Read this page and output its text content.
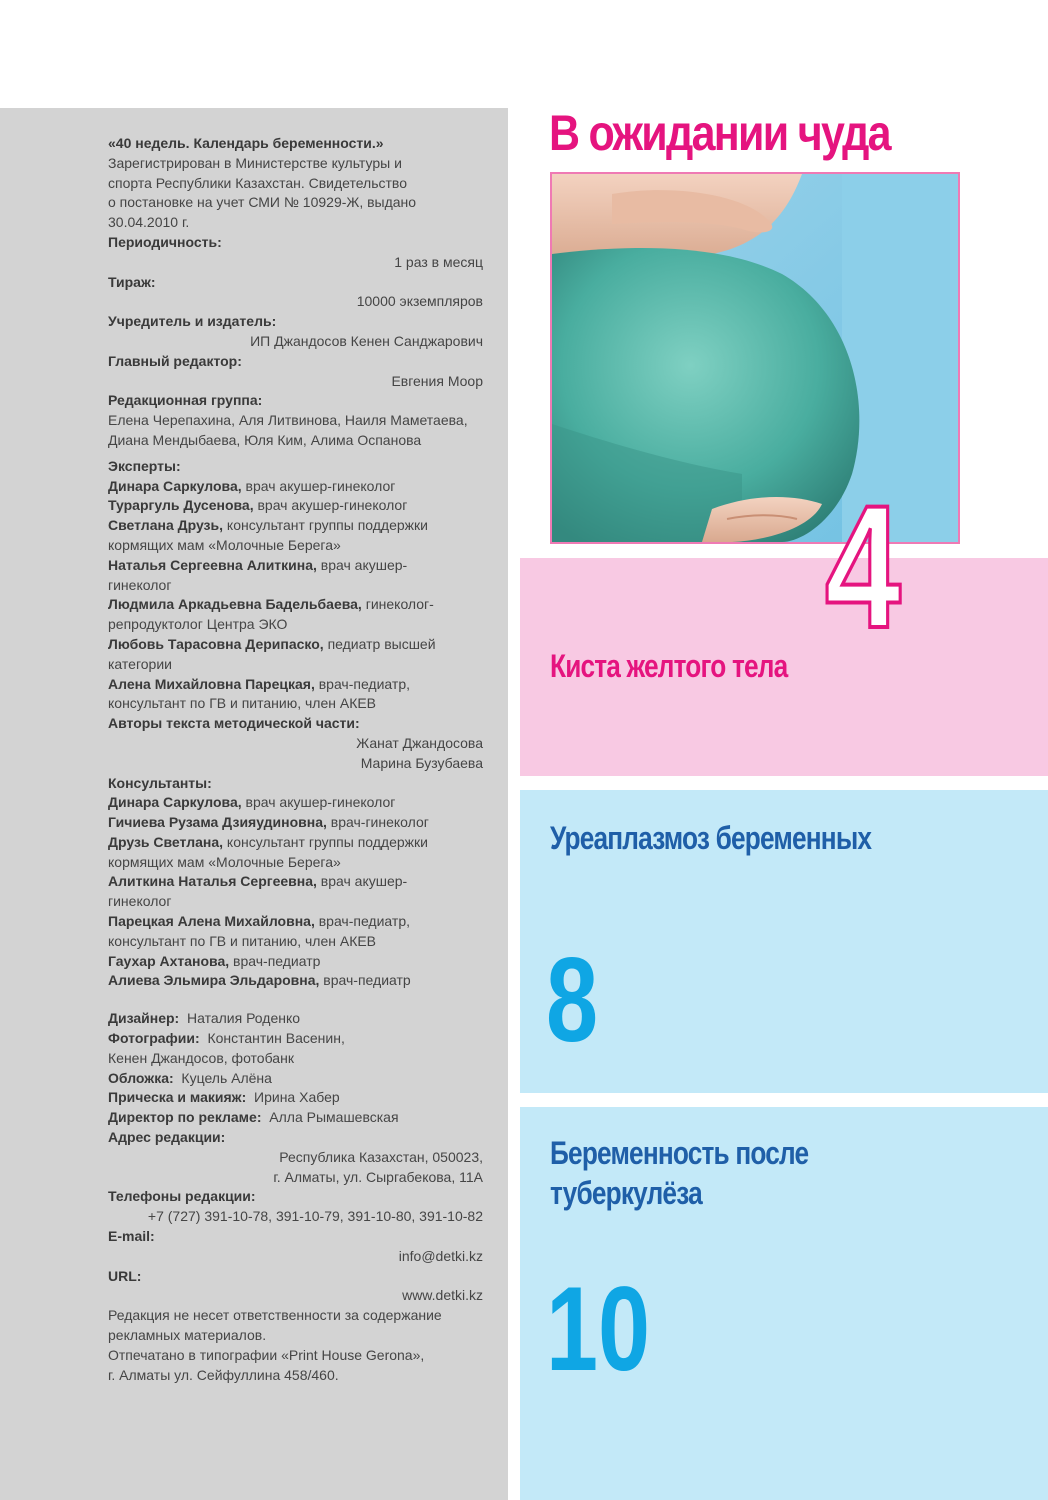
«40 недель. Календарь беременности.»
Зарегистрирован в Министерстве культуры и
спорта Республики Казахстан. Свидетельство
о постановке на учет СМИ № 10929-Ж, выдано
30.04.2010 г.
Периодичность:
1 раз в месяц
Тираж:
10000 экземпляров
Учредитель и издатель:
ИП Джандосов Кенен Санджарович
Главный редактор:
Евгения Моор
Редакционная группа:
Елена Черепахина, Аля Литвинова, Наиля Маметаева,
Диана Мендыбаева, Юля Ким, Алима Оспанова
Эксперты:
Динара Саркулова, врач акушер-гинеколог
Тураргуль Дусенова, врач акушер-гинеколог
Светлана Друзь, консультант группы поддержки
кормящих мам «Молочные Берега»
Наталья Сергеевна Алиткина, врач акушер-
гинеколог
Людмила Аркадьевна Бадельбаева, гинеколог-
репродуктолог Центра ЭКО
Любовь Тарасовна Дерипаско, педиатр высшей
категории
Алена Михайловна Парецкая, врач-педиатр,
консультант по ГВ и питанию, член АКЕВ
Авторы текста методической части:
Жанат Джандосова
Марина Бузубаева
Консультанты:
Динара Саркулова, врач акушер-гинеколог
Гичиева Рузама Дзияудиновна, врач-гинеколог
Друзь Светлана, консультант группы поддержки
кормящих мам «Молочные Берега»
Алиткина Наталья Сергеевна, врач акушер-
гинеколог
Парецкая Алена Михайловна, врач-педиатр,
консультант по ГВ и питанию, член АКЕВ
Гаухар Ахтанова, врач-педиатр
Алиева Эльмира Эльдаровна, врач-педиатр
Дизайнер:  Наталия Роденко
Фотографии:  Константин Васенин,
Кенен Джандосов, фотобанк
Обложка:  Куцель Алёна
Прическа и макияж:  Ирина Хабер
Директор по рекламе:  Алла Рымашевская
Адрес редакции:
Республика Казахстан, 050023,
г. Алматы, ул. Сыргабекова, 11А
Телефоны редакции:
+7 (727) 391-10-78, 391-10-79, 391-10-80, 391-10-82
E-mail:
info@detki.kz
URL:
www.detki.kz
Редакция не несет ответственности за содержание
рекламных материалов.
Отпечатано в типографии «Print House Gerona»,
г. Алматы ул. Сейфуллина 458/460.
В ожидании чуда
Киста желтого тела
4
Уреаплазмоз беременных
8
Беременность после
туберкулёза
10
